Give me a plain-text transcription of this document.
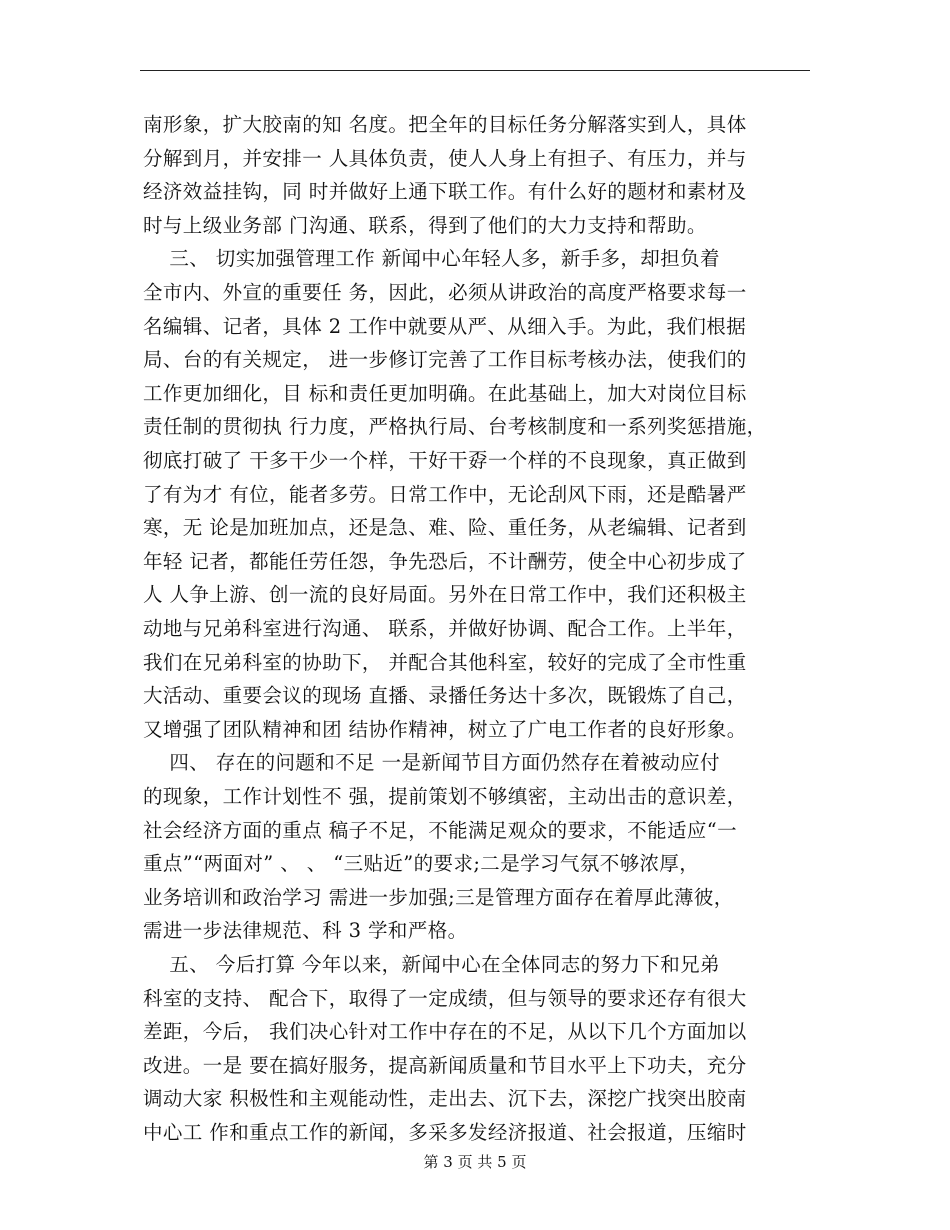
南形象，扩大胶南的知 名度。把全年的目标任务分解落实到人，具体
分解到月，并安排一 人具体负责，使人人身上有担子、有压力，并与
经济效益挂钩，同 时并做好上通下联工作。有什么好的题材和素材及
时与上级业务部 门沟通、联系，得到了他们的大力支持和帮助。
三、 切实加强管理工作 新闻中心年轻人多，新手多，却担负着
全市内、外宣的重要任 务，因此，必须从讲政治的高度严格要求每一
名编辑、记者，具体 2 工作中就要从严、从细入手。为此，我们根据
局、台的有关规定， 进一步修订完善了工作目标考核办法，使我们的
工作更加细化，目 标和责任更加明确。在此基础上，加大对岗位目标
责任制的贯彻执 行力度，严格执行局、台考核制度和一系列奖惩措施，
彻底打破了 干多干少一个样，干好干孬一个样的不良现象，真正做到
了有为才 有位，能者多劳。日常工作中，无论刮风下雨，还是酷暑严
寒，无 论是加班加点，还是急、难、险、重任务，从老编辑、记者到
年轻 记者，都能任劳任怨，争先恐后，不计酬劳，使全中心初步成了
人 人争上游、创一流的良好局面。另外在日常工作中，我们还积极主
动地与兄弟科室进行沟通、 联系，并做好协调、配合工作。上半年，
我们在兄弟科室的协助下， 并配合其他科室，较好的完成了全市性重
大活动、重要会议的现场 直播、录播任务达十多次，既锻炼了自己，
又增强了团队精神和团 结协作精神，树立了广电工作者的良好形象。
四、 存在的问题和不足 一是新闻节目方面仍然存在着被动应付
的现象，工作计划性不 强，提前策划不够缜密，主动出击的意识差，
社会经济方面的重点 稿子不足，不能满足观众的要求，不能适应“一
重点”“两面对” 、 、 “三贴近”的要求;二是学习气氛不够浓厚，
业务培训和政治学习 需进一步加强;三是管理方面存在着厚此薄彼，
需进一步法律规范、科 3 学和严格。
五、 今后打算 今年以来，新闻中心在全体同志的努力下和兄弟
科室的支持、 配合下，取得了一定成绩，但与领导的要求还存有很大
差距，今后， 我们决心针对工作中存在的不足，从以下几个方面加以
改进。一是 要在搞好服务，提高新闻质量和节目水平上下功夫，充分
调动大家 积极性和主观能动性，走出去、沉下去，深挖广找突出胶南
中心工 作和重点工作的新闻，多采多发经济报道、社会报道，压缩时
第 3 页 共 5 页
